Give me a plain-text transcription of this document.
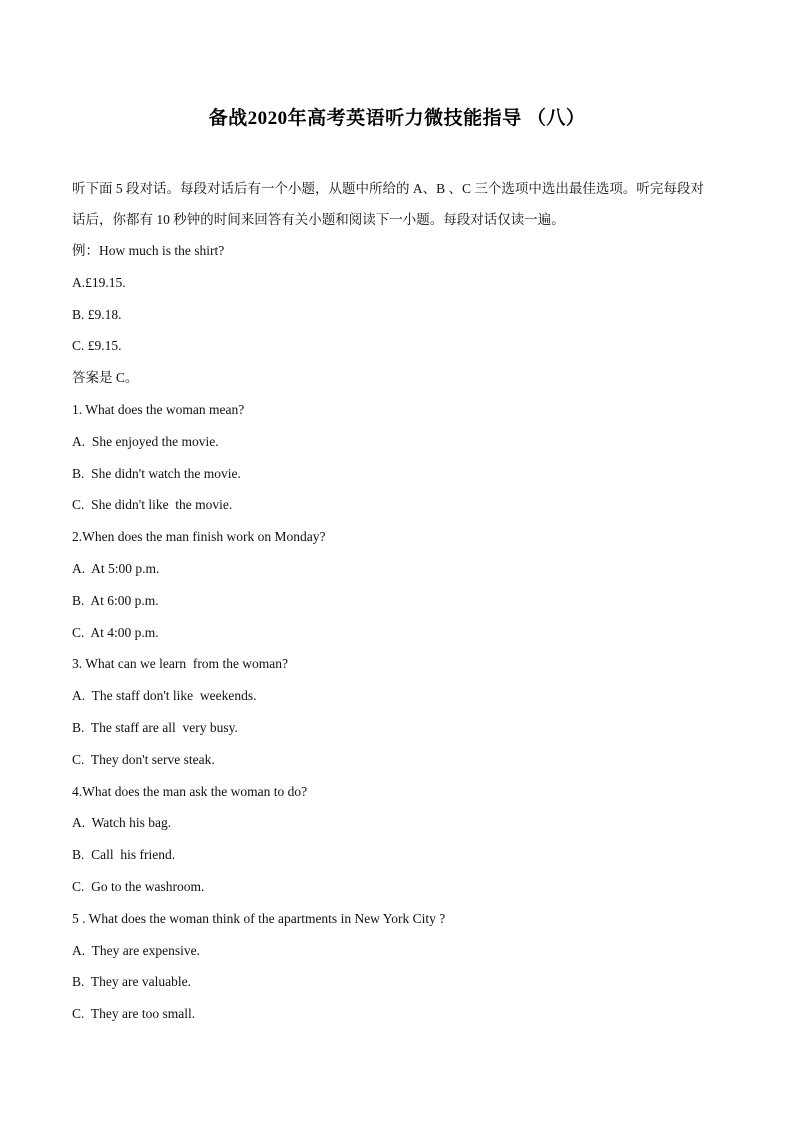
备战2020年高考英语听力微技能指导 （八）

听下面 5 段对话。每段对话后有一个小题，从题中所给的 A、B 、C 三个选项中选出最佳选项。听完每段对

话后，你都有 10 秒钟的时间来回答有关小题和阅读下一小题。每段对话仅读一遍。

例：How much is the shirt?
A.£19.15.
B. £9.18.
C. £9.15.
答案是 C。
1. What does the woman mean?
A.  She enjoyed the movie.
B.  She didn't watch the movie.
C.  She didn't like  the movie.
2.When does the man finish work on Monday?
A.  At 5:00 p.m.
B.  At 6:00 p.m.
C.  At 4:00 p.m.
3. What can we learn  from the woman?
A.  The staff don't like  weekends.
B.  The staff are all  very busy.
C.  They don't serve steak.
4.What does the man ask the woman to do?
A.  Watch his bag.
B.  Call  his friend.
C.  Go to the washroom.
5 . What does the woman think of the apartments in New York City ?
A.  They are expensive.
B.  They are valuable.
C.  They are too small.
